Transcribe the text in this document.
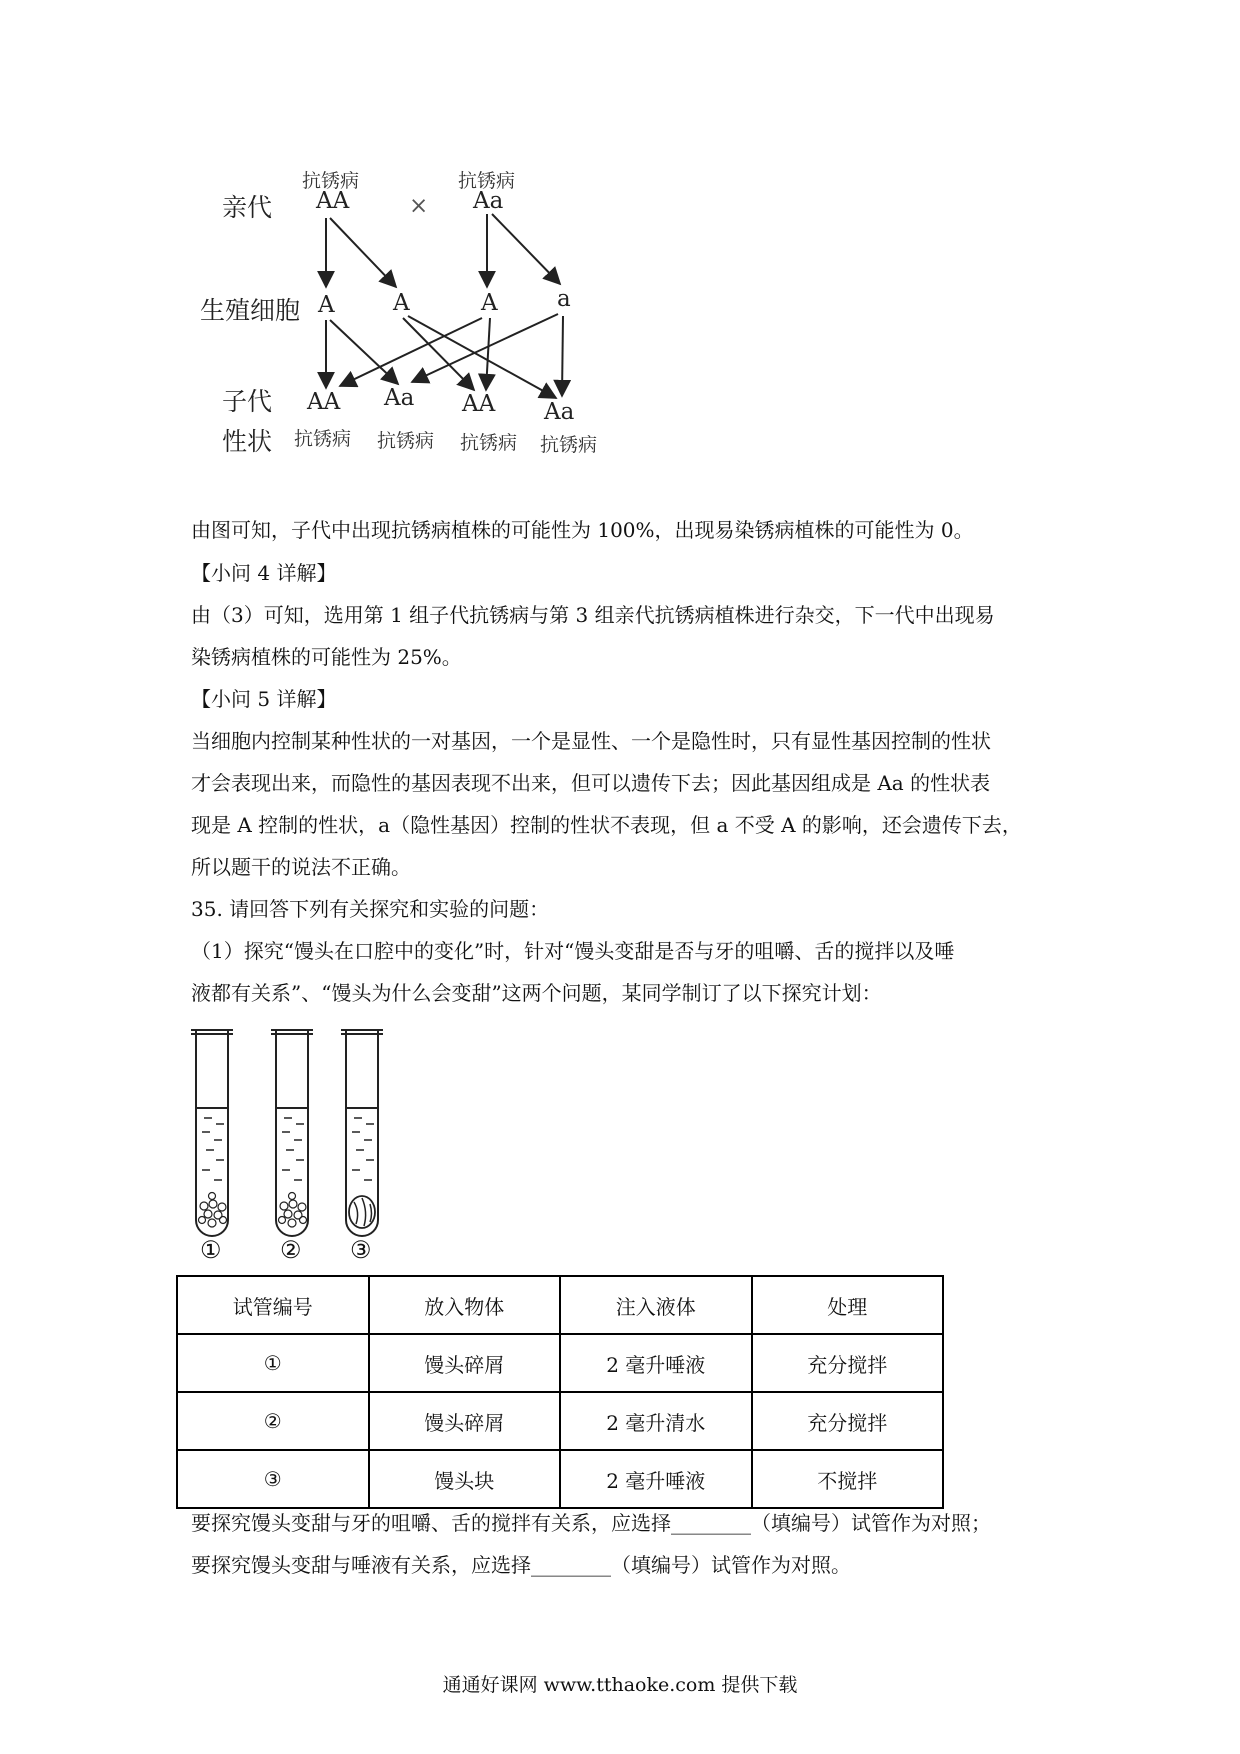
亲代
生殖细胞
子代
性状
抗锈病
AA	×
抗锈病
Aa
A	A	A	a
AA Aa AA Aa
抗锈病 抗锈病 抗锈病 抗锈病
由图可知，子代中出现抗锈病植株的可能性为 100%，出现易染锈病植株的可能性为 0。
【小问 4 详解】
由（3）可知，选用第 1 组子代抗锈病与第 3 组亲代抗锈病植株进行杂交，下一代中出现易
染锈病植株的可能性为 25%。
【小问 5 详解】
当细胞内控制某种性状的一对基因，一个是显性、一个是隐性时，只有显性基因控制的性状
才会表现出来，而隐性的基因表现不出来，但可以遗传下去；因此基因组成是 Aa 的性状表
现是 A 控制的性状，a（隐性基因）控制的性状不表现，但 a 不受 A 的影响，还会遗传下去，
所以题干的说法不正确。
35. 请回答下列有关探究和实验的问题：
（1）探究“馒头在口腔中的变化”时，针对“馒头变甜是否与牙的咀嚼、舌的搅拌以及唾
液都有关系”、“馒头为什么会变甜”这两个问题，某同学制订了以下探究计划：
① ② ③
试管编号	放入物体	注入液体	处理
①	馒头碎屑	2 毫升唾液	充分搅拌
②	馒头碎屑	2 毫升清水	充分搅拌
③	馒头块	2 毫升唾液	不搅拌
要探究馒头变甜与牙的咀嚼、舌的搅拌有关系，应选择________（填编号）试管作为对照；
要探究馒头变甜与唾液有关系，应选择________（填编号）试管作为对照。
通通好课网 www.tthaoke.com 提供下载
